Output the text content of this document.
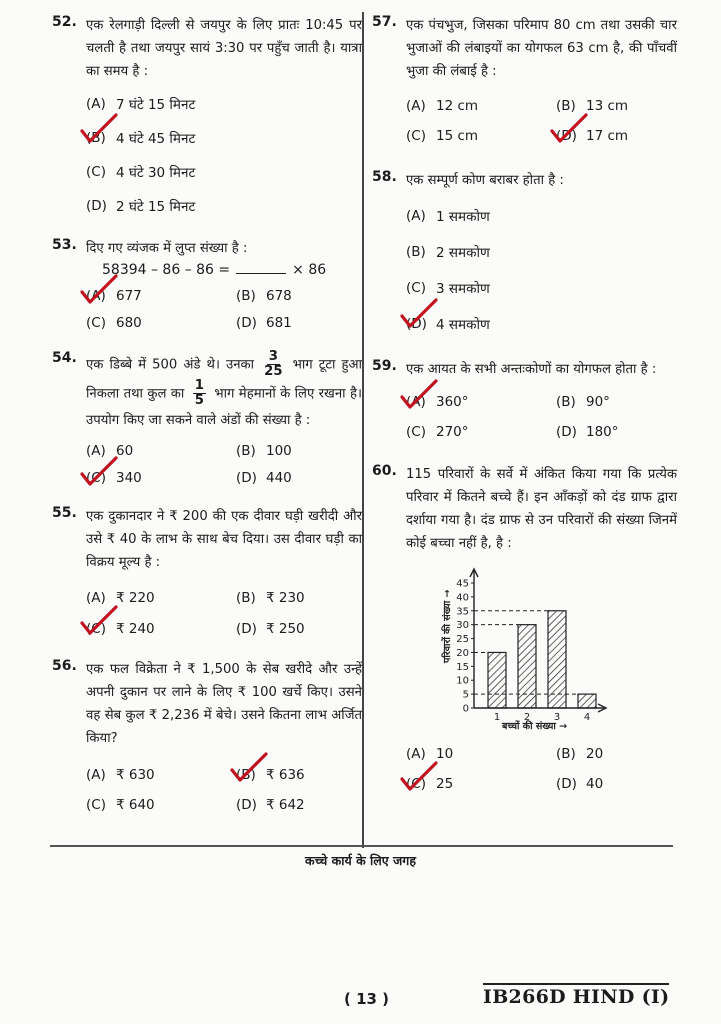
52. एक रेलगाड़ी दिल्ली से जयपुर के लिए प्रातः 10:45 पर चलती है तथा जयपुर सायं 3:30 पर पहुँच जाती है। यात्रा का समय है :
(A) 7 घंटे 15 मिनट
(B) 4 घंटे 45 मिनट
(C) 4 घंटे 30 मिनट
(D) 2 घंटे 15 मिनट
53. दिए गए व्यंजक में लुप्त संख्या है :
58394 – 86 – 86 =	× 86
(A) 677	(B) 678
(C) 680	(D) 681
54. एक डिब्बे में 500 अंडे थे। उनका $\frac{3}{25}$ भाग टूटा हुआ निकला तथा कुल का $\frac{1}{5}$ भाग मेहमानों के लिए रखना है। उपयोग किए जा सकने वाले अंडों की संख्या है :
(A) 60	(B) 100
(C) 340	(D) 440
55. एक दुकानदार ने ₹ 200 की एक दीवार घड़ी खरीदी और उसे ₹ 40 के लाभ के साथ बेच दिया। उस दीवार घड़ी का विक्रय मूल्य है :
(A) ₹ 220	(B) ₹ 230
(C) ₹ 240	(D) ₹ 250
56. एक फल विक्रेता ने ₹ 1,500 के सेब खरीदे और उन्हें अपनी दुकान पर लाने के लिए ₹ 100 खर्चे किए। उसने वह सेब कुल ₹ 2,236 में बेचे। उसने कितना लाभ अर्जित किया?
(A) ₹ 630	(B) ₹ 636
(C) ₹ 640	(D) ₹ 642
57. एक पंचभुज, जिसका परिमाप 80 cm तथा उसकी चार भुजाओं की लंबाइयों का योगफल 63 cm है, की पाँचवीं भुजा की लंबाई है :
(A) 12 cm	(B) 13 cm
(C) 15 cm	(D) 17 cm
58. एक सम्पूर्ण कोण बराबर होता है :
(A) 1 समकोण
(B) 2 समकोण
(C) 3 समकोण
(D) 4 समकोण
59. एक आयत के सभी अन्तःकोणों का योगफल होता है :
(A) 360°	(B) 90°
(C) 270°	(D) 180°
60. 115 परिवारों के सर्वे में अंकित किया गया कि प्रत्येक परिवार में कितने बच्चे हैं। इन आँकड़ों को दंड ग्राफ द्वारा दर्शाया गया है। दंड ग्राफ से उन परिवारों की संख्या जिनमें कोई बच्चा नहीं है, है :
0
5
10
15
20
25
30
35
40
45
1 2 3 4
परिवारों की संख्या →
बच्चों की संख्या →
(A) 10	(B) 20
(C) 25	(D) 40
कच्चे कार्य के लिए जगह
( 13 )	IB266D HIND (I)
